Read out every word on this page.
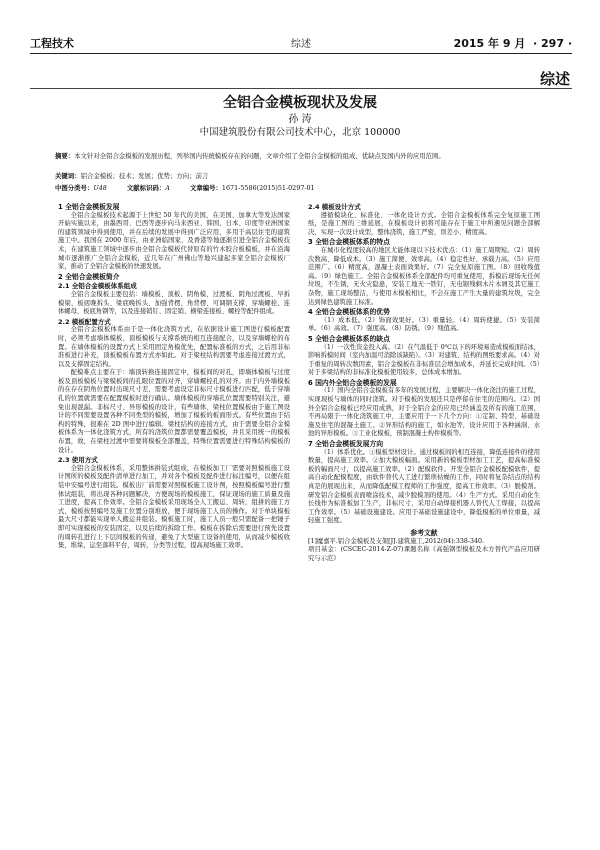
工程技术	综述	2015 年 9 月 · 297 ·
综述
全铝合金模板现状及发展
孙 涛
中国建筑股份有限公司技术中心，北京 100000
摘要：本文针对全铝合金模板的发展历程，列举国内传统模板存在的问题，文章介绍了全铝合金模板的组成、优缺点及国内外的应用范围。
关键词：铝合金模板；技术；发展；优势；方向；前言
中图分类号：U48	文献标识码：A	文章编号：1671-5586(2015)51-0297-01
1 全铝合金模板发展

全铝合金模板技术起源于上世纪 50 年代的美国，在美国、加拿大等发达国家开始实施以来，由墨西哥、巴西等逐步向马来西亚、韩国、日本、印度等亚洲国家的建筑领域中得到使用，并在后续的发展中得到广泛应用，多用于高层住宅的建筑施工中。我国在 2000 年后，由亚洲临国家、及香港等地逐渐引进全铝合金模板技术，在建筑施工领域中逐步由全铝合金模板代替原有的竹木胶合板模板，并在沿海城市逐渐推广全铝合金模板，近几年在广州佛山等地兴建起多家全铝合金模板厂家，推动了全铝合金模板的快速发展。

2 全铝合金模板简介
2.1 全铝合金模板体系组成

全铝合金模板主要包括：墙模板、顶板、阴角模、过渡板、阴角过渡板、早拆模梁、板底晚拆头、梁底晚拆头、加强背楞、角背楞、可调钢支撑、穿墙螺栓、连体螺母、板底角钢等，以及连接销钉、固定销、横梁连接板、螺栓等配件组成。

2.2 模板配置方式

全铝合金模板体系由于是一体化浇筑方式，在依据设计施工图进行模板配置时，必须考虑墙体模板、顶板模板与支撑系统的相互连接配合，以及穿墙螺栓的布置。在墙体模板的设置方式上采用固定角模优先，配置标准板的方式，之后用非标准板进行补充，顶板模板布置方式亦如此。对于梁柱结构需要考虑连接过渡方式，以及支撑固定结构。

配模难点主要在于：墙顶转换连接固定中，模板间的对孔，即墙体模板与过度板及顶板模板与梁模板间的孔眼位置的对齐，穿墙螺栓孔的对齐。由于内外墙模板的在存在阴角位置时出现尺寸差，需要考虑设定非标尺寸模板进行匹配，低于穿墙孔的位置就需要在配置模板时进行确认。墙体模板的穿墙孔位置需要特别关注，避免出现混漏。非标尺寸、异形模板的设计，有些墙体、梁柱位置模板由于施工图设计的不同需要设置各种不同类型的模板，增加了模板的板面形式。有些位置由于结构的特殊，很难在 2D 图中进行编辑。梁柱结构的连接方式，由于需要全铝合金模板体系为一体化浇筑方式，所有的浇筑位置都需要覆盖模板，并且采用统一的模板布置，故，在梁柱过渡中需要将模板全部覆盖，特殊位置需要进行特殊结构模板的设计。

2.3 使用方式

全铝合金模板体系，采用整体拼装式组成，在模板加工厂需要对照模板施工设计图所的模板及配件清单进行加工，并对各个模板及配件进行标注编号，以便在组装中安编号进行组装。模板出厂前需要对照模板施工设计图，按照模板编号进行整体试组装，将出现各种问题解决，方便现场的模板施工，保证现场的施工质量及施工进度，提高工作效率。全铝合金模板采用现场全人工搬运、周转，组拼的施工方式，模板按照编号及施工位置分别堆放，便于现场施工人员的操作。对于单块模板最大尺寸都能实现单人搬运并组装。模板施工时，施工人员一般只需配备一把锤子即可实现模板的安装固定，以及后续的拆除工作。模板在拆除后需要进行预先设置的周转孔进行上下层间模板的传递，避免了大型施工设备的使用，从而减少模板收集，堆垛，运至落料平台，周转，分类等过程，提高现场施工效率。

2.4 模板设计方式

遵循模块化、标准化、一体化设计方式。全铝合金模板体系完全复原施工图纸，是施工图的三维延展，在模板设计初将可能存在于施工中所遇见问题全部解决，实现一次设计成型，整体浇筑，施工严密，误差小、精度高。

3 全铝合金模板体系的特点

在城市化程度较高的地区尤能体现以下技术优点：（1）施工周期短。（2）周转次数高、降低成本。（3）施工简便、效率高。（4）稳定性好、承载力高。（5）应用范围广。（6）精度高，混凝土表面效果好。（7）完全复原施工图。（8）回收残值高。（9）绿色施工。全铝合金模板体系全部配件均可重复使用，拆模后现场无任何垃圾，不生锈，无火灾隐患，安装工地无一铁钉，无电锯残剩木片木屑及其它施工杂物，施工现场整洁，与使用木模板相比，不会在施工产生大量的建筑垃圾，完全达到绿色建筑施工标准。

4 全铝合金模板体系的优势

（1）成本低。（2）饰面效果好。（3）重量轻。（4）周转使捷。（5）安装简单。（6）高效。（7）强度高。（8）防锈。（9）残值高。

5 全铝合金模板体系的缺点

（1）一次性资金投入高。（2）在气温低于 0℃以下的环境易造成模板面结冰，影响拆模时间（室内加温可消除该缺陷）。（3）对建筑、结构的图纸要求高。（4）对于重复的周转次数因素，铝合金模板在非标准层会增加成本，并延长完成时间。（5）对于多梁结构的非标准化模板使用较多，总体成本增加。

6 国内外全铝合金模板的发展

（1）国内全铝合金模板有多年的发展过程，主要解决一体化浇注的施工过程，实现现板与墙体的同时浇筑。对于模板的发展还只是停留在住宅的范围内。（2）国外全铝合金模板已经应用成熟，对于全铝合金的应用已经涵盖及所有的施工范围，不再局限于一体化浇筑施工中，主要应用于一下几个方向：①定制、特型、基础设施及住宅的混凝土施工。②异形结构的施工，如水池等，设计应用于各种涵洞、水池的异形模板。③工业化模板，预制混凝土构件模板等。

7 全铝合金模板发展方向

（1）体系优化。①模板型材设计。通过模板间的相互连接，降低连接件的使用数量，提高施工效率。②加大模板幅面。采用新的模板型材加工工艺，提高标准模板的幅面尺寸，以提高施工效率。（2）配模软件。开发全铝合金模板配模软件，提高自动化配模程度，由软件替代人工进行繁琐枯燥的工作，同时将复杂结点的结构真是的展现出来，从而降低配模工程师的工作强度，提高工作效率。（3）脱模剂。研发铝合金模板表面喷涂技术，减少脱模剂的使用。（4）生产方式。采用自动化生长线作为标准板加工生产，非标尺寸，采用自动焊接机器人替代人工焊接，以提高工作效率。（5）基础设施建设。应用于基础设施建设中，降低模板的单位重量，减轻施工强度。

参考文献

[1]魔嘉平.铝合金模板及支架[J].建筑施工,2012(04):338-340.

项目基金：(CSCEC-2014-Z-07)课题名称《高强钢型模板及木方替代产品应用研究与示范》
